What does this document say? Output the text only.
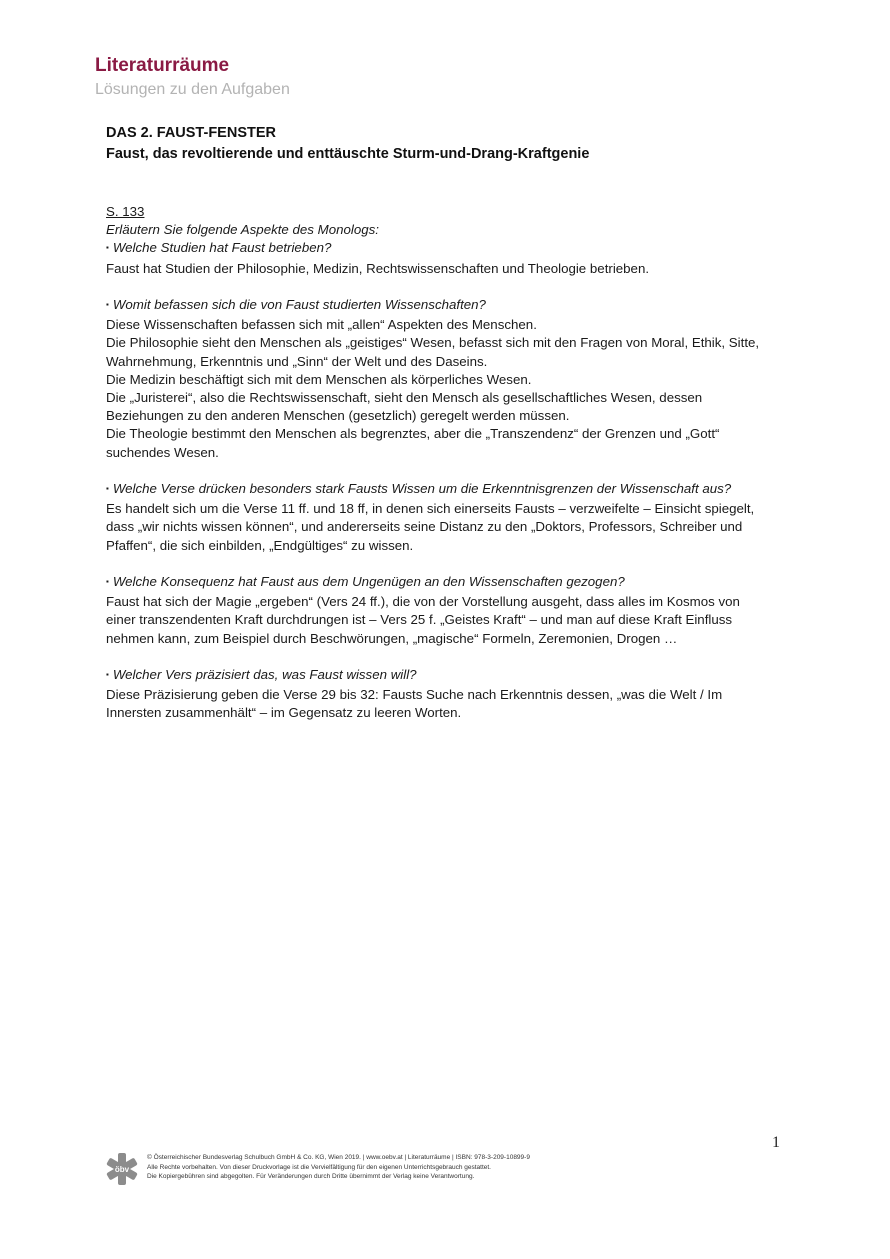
Literaturräume
Lösungen zu den Aufgaben
DAS 2. FAUST-FENSTER
Faust, das revoltierende und enttäuschte Sturm-und-Drang-Kraftgenie

S. 133

Erläutern Sie folgende Aspekte des Monologs:

▪ Welche Studien hat Faust betrieben?

Faust hat Studien der Philosophie, Medizin, Rechtswissenschaften und Theologie betrieben.

▪ Womit befassen sich die von Faust studierten Wissenschaften?

Diese Wissenschaften befassen sich mit „allen“ Aspekten des Menschen.

Die Philosophie sieht den Menschen als „geistiges“ Wesen, befasst sich mit den Fragen von Moral, Ethik, Sitte,

Wahrnehmung, Erkenntnis und „Sinn“ der Welt und des Daseins.

Die Medizin beschäftigt sich mit dem Menschen als körperliches Wesen.

Die „Juristerei“, also die Rechtswissenschaft, sieht den Mensch als gesellschaftliches Wesen, dessen

Beziehungen zu den anderen Menschen (gesetzlich) geregelt werden müssen.

Die Theologie bestimmt den Menschen als begrenztes, aber die „Transzendenz“ der Grenzen und „Gott“

suchendes Wesen.

▪ Welche Verse drücken besonders stark Fausts Wissen um die Erkenntnisgrenzen der Wissenschaft aus?

Es handelt sich um die Verse 11 ff. und 18 ff, in denen sich einerseits Fausts – verzweifelte – Einsicht spiegelt,

dass „wir nichts wissen können“, und andererseits seine Distanz zu den „Doktors, Professors, Schreiber und

Pfaffen“, die sich einbilden, „Endgültiges“ zu wissen.

▪ Welche Konsequenz hat Faust aus dem Ungenügen an den Wissenschaften gezogen?

Faust hat sich der Magie „ergeben“ (Vers 24 ff.), die von der Vorstellung ausgeht, dass alles im Kosmos von

einer transzendenten Kraft durchdrungen ist – Vers 25 f. „Geistes Kraft“ – und man auf diese Kraft Einfluss

nehmen kann, zum Beispiel durch Beschwörungen, „magische“ Formeln, Zeremonien, Drogen …

▪ Welcher Vers präzisiert das, was Faust wissen will?

Diese Präzisierung geben die Verse 29 bis 32: Fausts Suche nach Erkenntnis dessen, „was die Welt / Im

Innersten zusammenhält“ – im Gegensatz zu leeren Worten.

1
öbv
© Österreichischer Bundesverlag Schulbuch GmbH & Co. KG, Wien 2019. | www.oebv.at | Literaturräume | ISBN: 978-3-209-10899-9
Alle Rechte vorbehalten. Von dieser Druckvorlage ist die Vervielfältigung für den eigenen Unterrichtsgebrauch gestattet.
Die Kopiergebühren sind abgegolten. Für Veränderungen durch Dritte übernimmt der Verlag keine Verantwortung.
